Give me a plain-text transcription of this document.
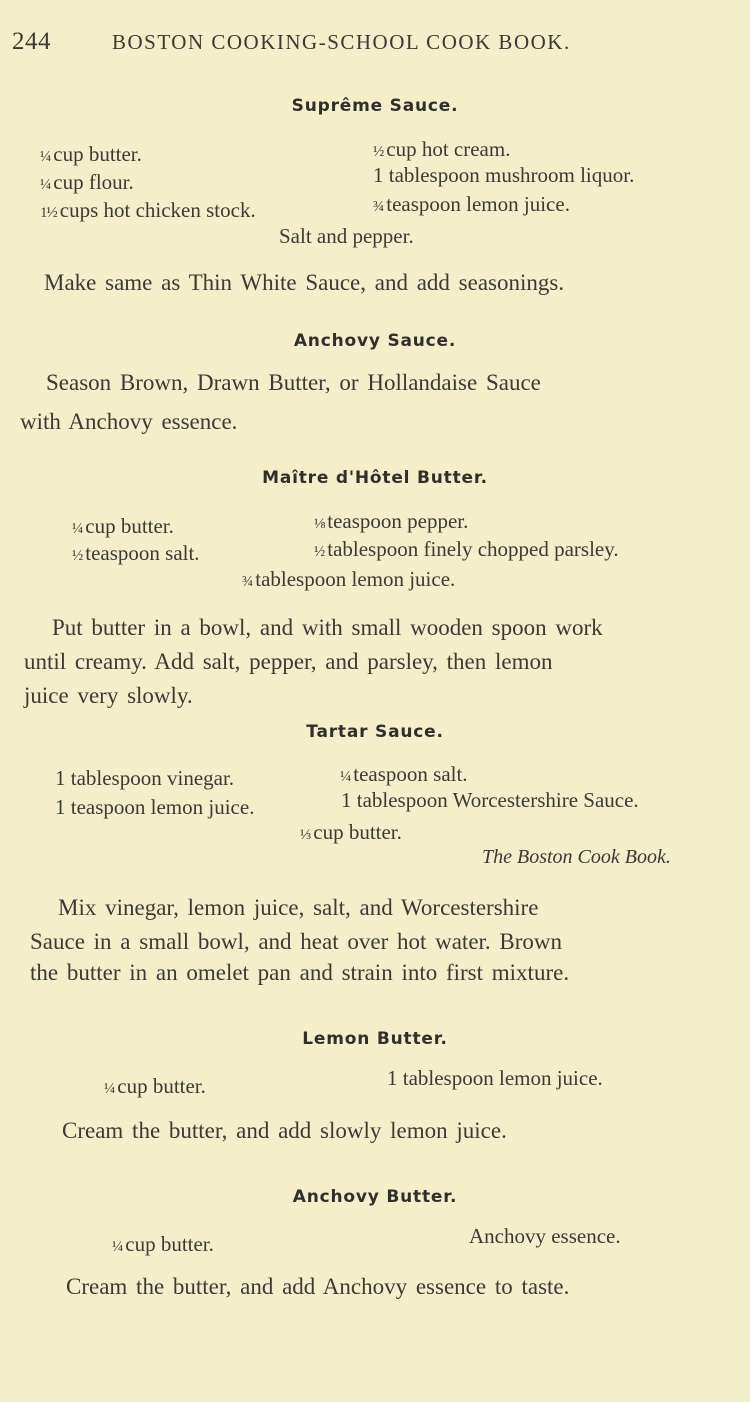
244	BOSTON COOKING-SCHOOL COOK BOOK.
Suprême Sauce.
¼ cup butter.
¼ cup flour.
1½ cups hot chicken stock.
½ cup hot cream.
1 tablespoon mushroom liquor.
¾ teaspoon lemon juice.
Salt and pepper.
Make same as Thin White Sauce, and add seasonings.
Anchovy Sauce.
Season Brown, Drawn Butter, or Hollandaise Sauce
with Anchovy essence.
Maître d'Hôtel Butter.
¼ cup butter.
½ teaspoon salt.
⅛ teaspoon pepper.
½ tablespoon finely chopped parsley.
¾ tablespoon lemon juice.
Put butter in a bowl, and with small wooden spoon work
until creamy. Add salt, pepper, and parsley, then lemon
juice very slowly.
Tartar Sauce.
1 tablespoon vinegar.
1 teaspoon lemon juice.
¼ teaspoon salt.
1 tablespoon Worcestershire Sauce.
⅓ cup butter.
The Boston Cook Book.
Mix vinegar, lemon juice, salt, and Worcestershire
Sauce in a small bowl, and heat over hot water. Brown
the butter in an omelet pan and strain into first mixture.
Lemon Butter.
¼ cup butter.	1 tablespoon lemon juice.
Cream the butter, and add slowly lemon juice.
Anchovy Butter.
¼ cup butter.	Anchovy essence.
Cream the butter, and add Anchovy essence to taste.
